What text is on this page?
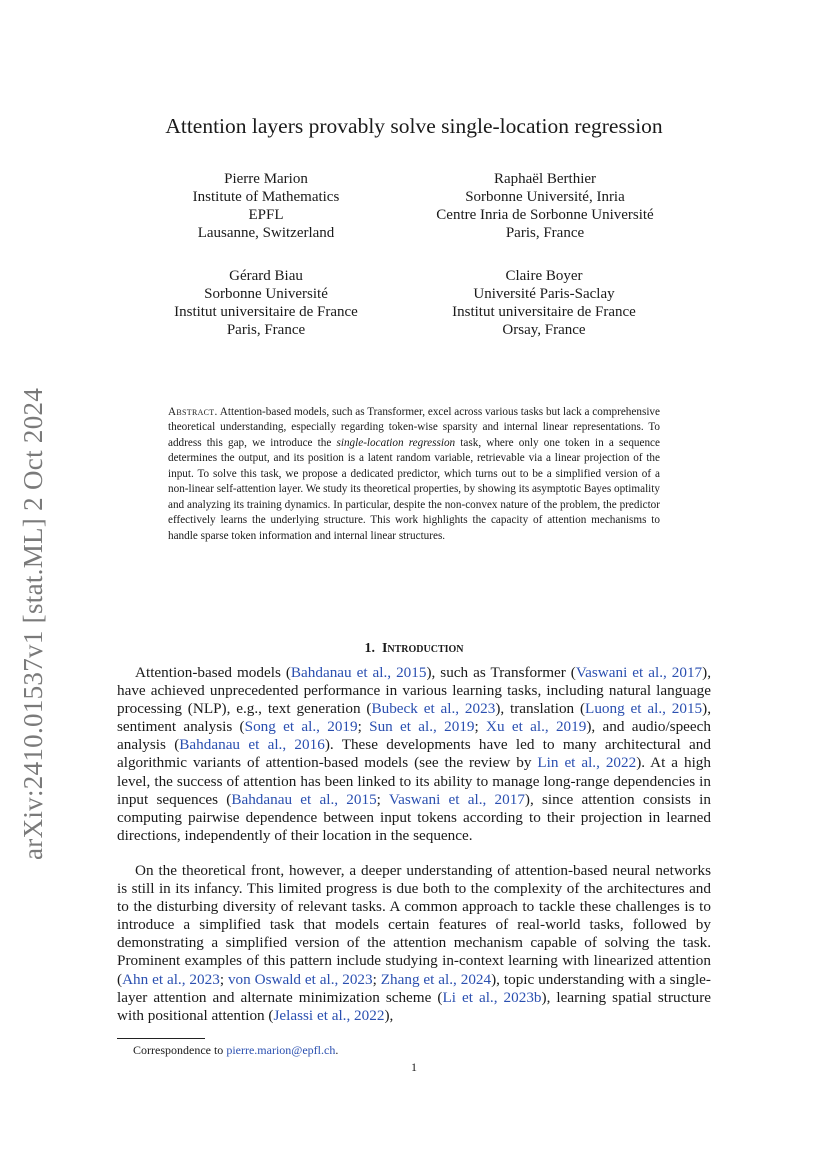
arXiv:2410.01537v1 [stat.ML] 2 Oct 2024
Attention layers provably solve single-location regression
Pierre Marion
Institute of Mathematics
EPFL
Lausanne, Switzerland
Raphaël Berthier
Sorbonne Université, Inria
Centre Inria de Sorbonne Université
Paris, France
Gérard Biau
Sorbonne Université
Institut universitaire de France
Paris, France
Claire Boyer
Université Paris-Saclay
Institut universitaire de France
Orsay, France
Abstract. Attention-based models, such as Transformer, excel across various tasks but lack a comprehensive theoretical understanding, especially regarding token-wise sparsity and internal linear representations. To address this gap, we introduce the single-location regression task, where only one token in a sequence determines the output, and its position is a latent random variable, retrievable via a linear projection of the input. To solve this task, we propose a dedicated predictor, which turns out to be a simplified version of a non-linear self-attention layer. We study its theoretical properties, by showing its asymptotic Bayes optimality and analyzing its training dynamics. In particular, despite the non-convex nature of the problem, the predictor effectively learns the underlying structure. This work highlights the capacity of attention mechanisms to handle sparse token information and internal linear structures.
1. Introduction

Attention-based models (Bahdanau et al., 2015), such as Transformer (Vaswani et al., 2017), have achieved unprecedented performance in various learning tasks, including natural language processing (NLP), e.g., text generation (Bubeck et al., 2023), translation (Luong et al., 2015), sentiment analysis (Song et al., 2019; Sun et al., 2019; Xu et al., 2019), and audio/speech analysis (Bahdanau et al., 2016). These developments have led to many architectural and algorithmic variants of attention-based models (see the review by Lin et al., 2022). At a high level, the success of attention has been linked to its ability to manage long-range dependencies in input sequences (Bahdanau et al., 2015; Vaswani et al., 2017), since attention consists in computing pairwise dependence between input tokens according to their projection in learned directions, independently of their location in the sequence.

On the theoretical front, however, a deeper understanding of attention-based neural networks is still in its infancy. This limited progress is due both to the complexity of the architectures and to the disturbing diversity of relevant tasks. A common approach to tackle these challenges is to introduce a simplified task that models certain features of real-world tasks, followed by demonstrating a simplified version of the attention mechanism capable of solving the task. Prominent examples of this pattern include studying in-context learning with linearized attention (Ahn et al., 2023; von Oswald et al., 2023; Zhang et al., 2024), topic understanding with a single-layer attention and alternate minimization scheme (Li et al., 2023b), learning spatial structure with positional attention (Jelassi et al., 2022),

Correspondence to pierre.marion@epfl.ch.
1
